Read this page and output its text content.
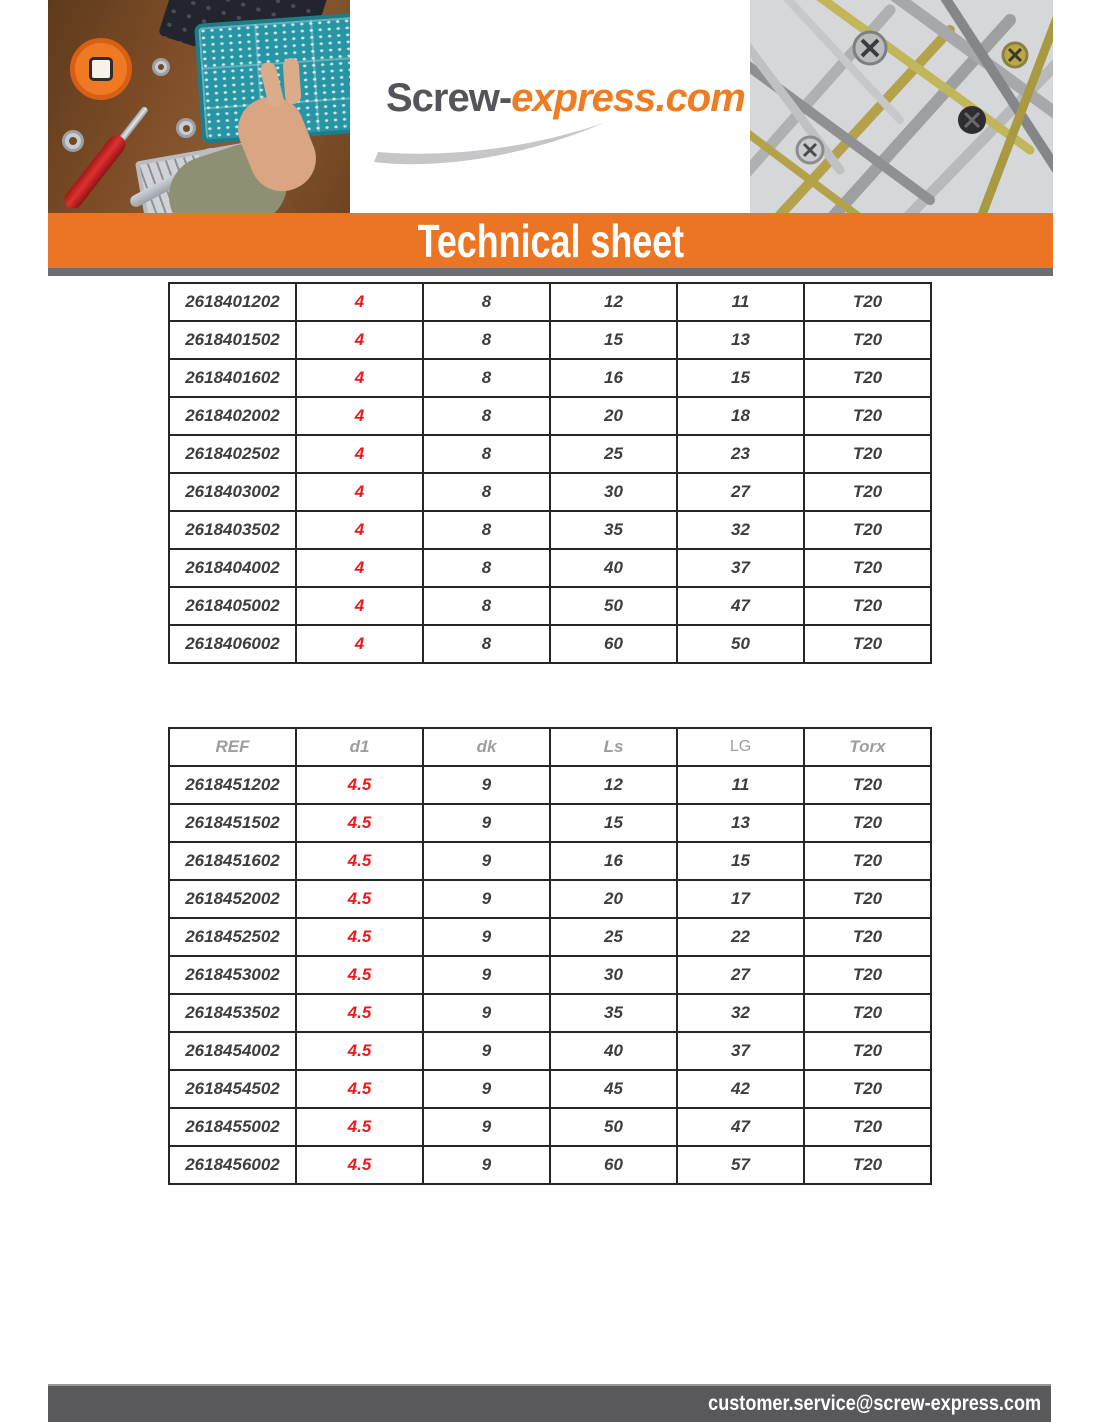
Screw-express.com
Technical sheet
2618401202	4	8	12	11	T20
2618401502	4	8	15	13	T20
2618401602	4	8	16	15	T20
2618402002	4	8	20	18	T20
2618402502	4	8	25	23	T20
2618403002	4	8	30	27	T20
2618403502	4	8	35	32	T20
2618404002	4	8	40	37	T20
2618405002	4	8	50	47	T20
2618406002	4	8	60	50	T20
REF	d1	dk	Ls	LG	Torx
2618451202	4.5	9	12	11	T20
2618451502	4.5	9	15	13	T20
2618451602	4.5	9	16	15	T20
2618452002	4.5	9	20	17	T20
2618452502	4.5	9	25	22	T20
2618453002	4.5	9	30	27	T20
2618453502	4.5	9	35	32	T20
2618454002	4.5	9	40	37	T20
2618454502	4.5	9	45	42	T20
2618455002	4.5	9	50	47	T20
2618456002	4.5	9	60	57	T20
customer.service@screw-express.com
